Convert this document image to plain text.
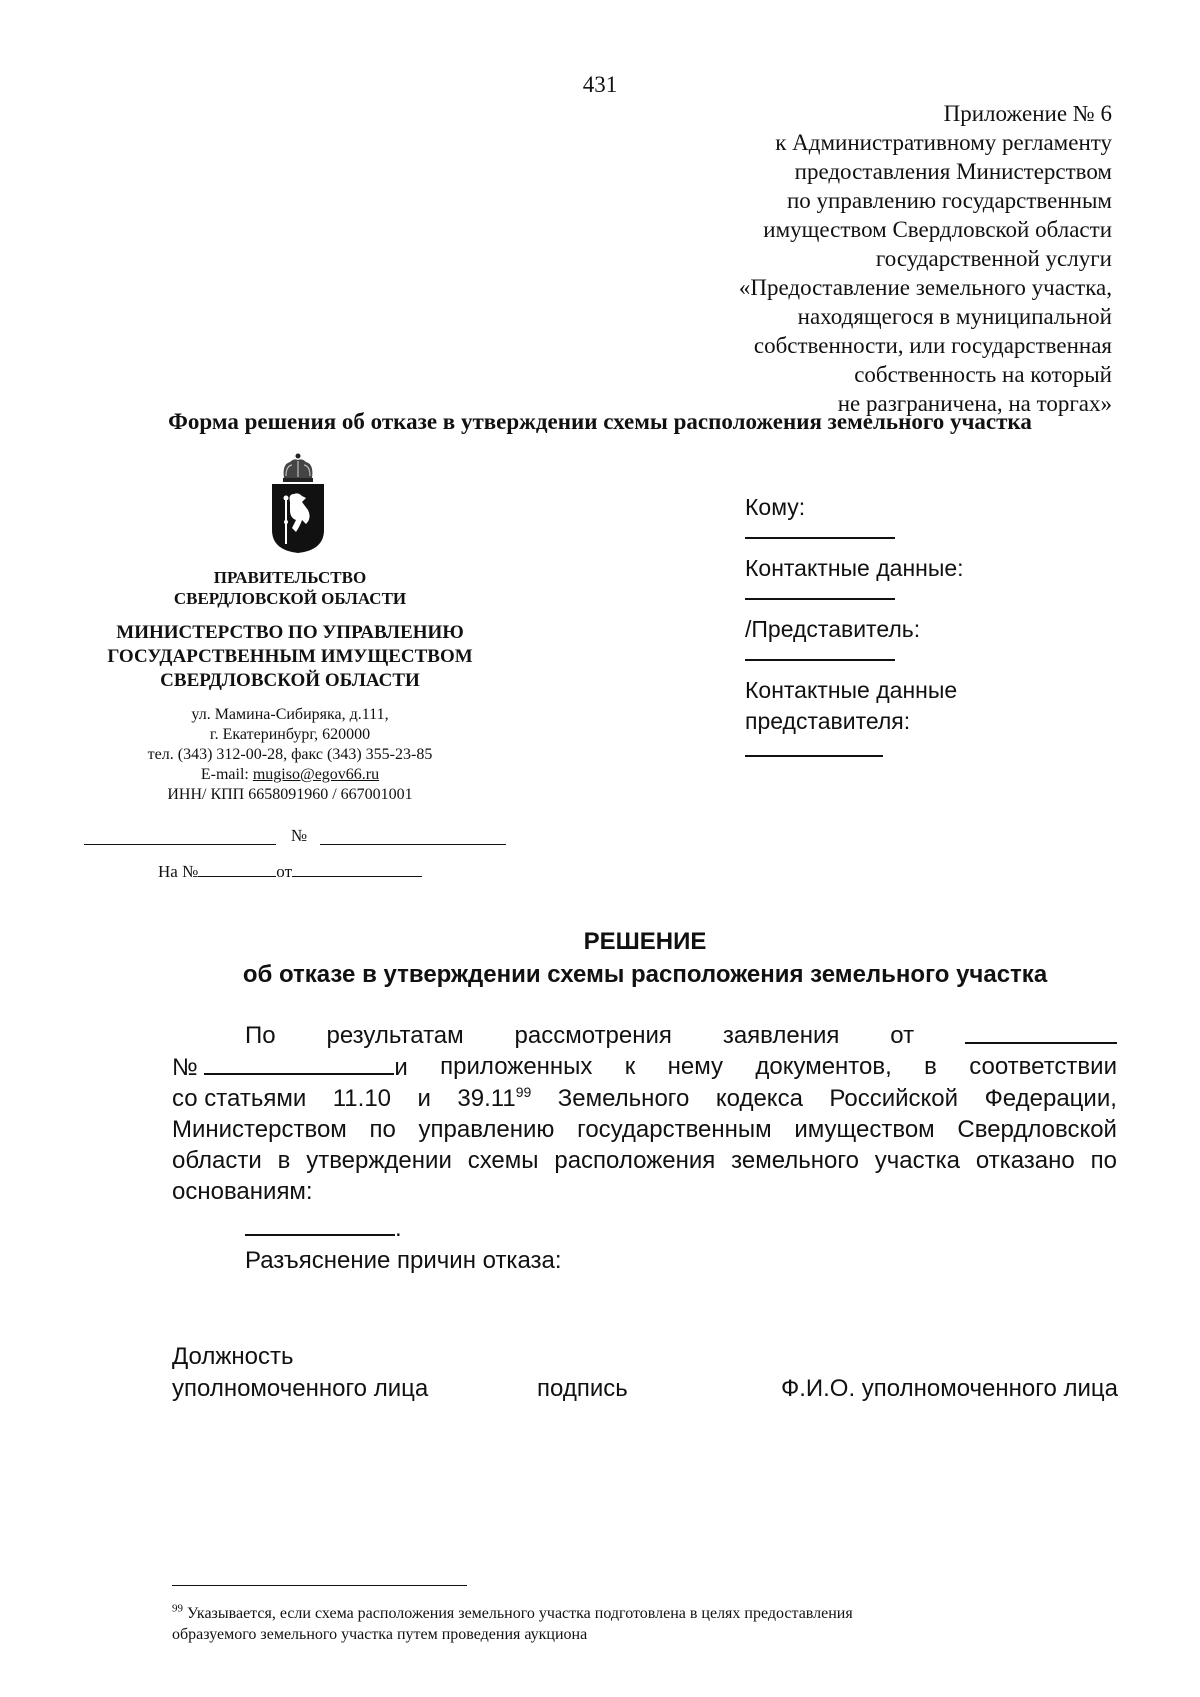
431
Приложение № 6
к Административному регламенту
предоставления Министерством
по управлению государственным
имуществом Свердловской области
государственной услуги
«Предоставление земельного участка,
находящегося в муниципальной
собственности, или государственная
собственность на который
не разграничена, на торгах»
Форма решения об отказе в утверждении схемы расположения земельного участка
ПРАВИТЕЛЬСТВО
СВЕРДЛОВСКОЙ ОБЛАСТИ
МИНИСТЕРСТВО ПО УПРАВЛЕНИЮ
ГОСУДАРСТВЕННЫМ ИМУЩЕСТВОМ
СВЕРДЛОВСКОЙ ОБЛАСТИ
ул. Мамина-Сибиряка, д.111,
г. Екатеринбург, 620000
тел. (343) 312-00-28, факс (343) 355-23-85
E-mail: mugiso@egov66.ru
ИНН/ КПП 6658091960 / 667001001
№
На №	от
Кому:
Контактные данные:
/Представитель:
Контактные данные
представителя:
РЕШЕНИЕ
об отказе в утверждении схемы расположения земельного участка
По результатам рассмотрения заявления от
№	и приложенных к нему документов, в соответствии
со статьями 11.10 и 39.11$^{99}$ Земельного кодекса Российской Федерации,
Министерством по управлению государственным имуществом Свердловской
области в утверждении схемы расположения земельного участка отказано по
основаниям:
.
Разъяснение причин отказа:
Должность
уполномоченного лица	подпись	Ф.И.О. уполномоченного лица
$^{99}$ Указывается, если схема расположения земельного участка подготовлена в целях предоставления
образуемого земельного участка путем проведения аукциона
